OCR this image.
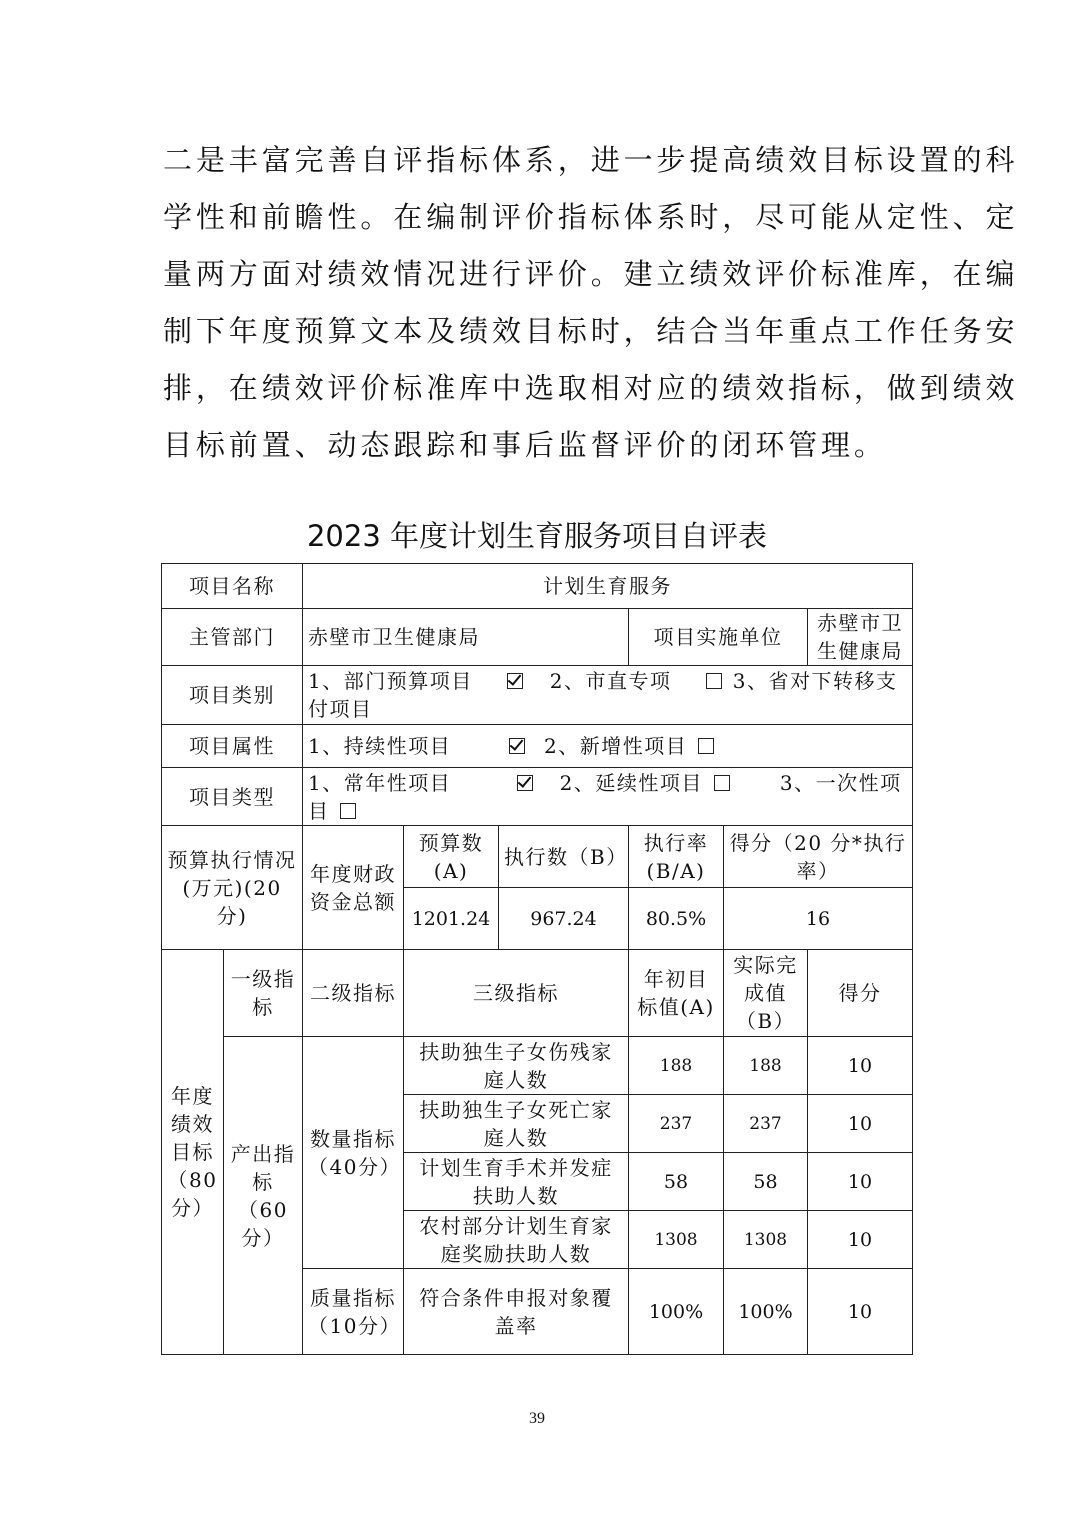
二是丰富完善自评指标体系，进一步提高绩效目标设置的科
学性和前瞻性。在编制评价指标体系时，尽可能从定性、定
量两方面对绩效情况进行评价。建立绩效评价标准库，在编
制下年度预算文本及绩效目标时，结合当年重点工作任务安
排，在绩效评价标准库中选取相对应的绩效指标，做到绩效
目标前置、动态跟踪和事后监督评价的闭环管理。
2023 年度计划生育服务项目自评表
项目名称		计划生育服务					
主管部门		赤壁市卫生健康局			项目实施单位		赤壁市卫生健康局
项目类别		1、部门预算项目 2、市直专项 3、省对下转移支付项目					
项目属性		1、持续性项目 2、新增性项目					
项目类型		1、常年性项目 2、延续性项目 3、一次性项目					
预算执行情况(万元)(20分)		年度财政资金总额	预算数(A)	执行数（B）	执行率(B/A)	得分（20 分*执行率）	
			1201.24	967.24	80.5%	16	
年度绩效目标（80分）	一级指标	二级指标	三级指标		年初目标值(A)	实际完成值（B）	得分
	产出指标（60分）	数量指标（40分）	扶助独生子女伤残家庭人数		188	188	10
			扶助独生子女死亡家庭人数		237	237	10
			计划生育手术并发症扶助人数		58	58	10
			农村部分计划生育家庭奖励扶助人数		1308	1308	10
		质量指标（10分）	符合条件申报对象覆盖率		100%	100%	10
39
